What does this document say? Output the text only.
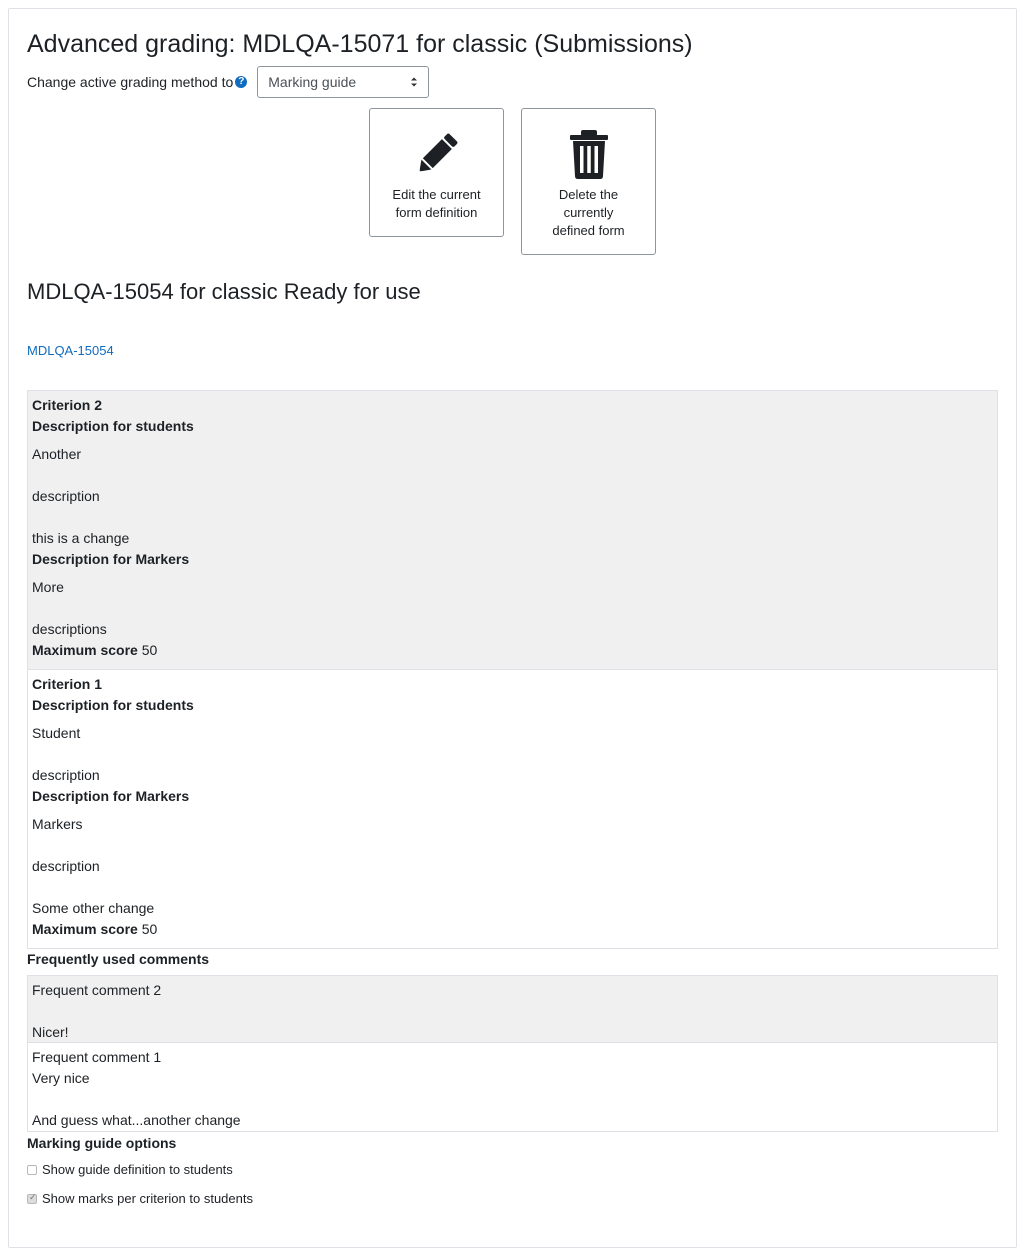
Advanced grading: MDLQA-15071 for classic (Submissions)
Change active grading method to ?	Marking guide
Edit the current
form definition
Delete the
currently
defined form
MDLQA-15054 for classic Ready for use
MDLQA-15054
Criterion 2
Description for students

Another

description

this is a change

Description for Markers

More

descriptions

Maximum score 50
Criterion 1
Description for students

Student

description

Description for Markers

Markers

description

Some other change

Maximum score 50
Frequently used comments

Frequent comment 2

Nicer!

Frequent comment 1
Very nice

And guess what...another change

Marking guide options
Show guide definition to students
✓
Show marks per criterion to students
